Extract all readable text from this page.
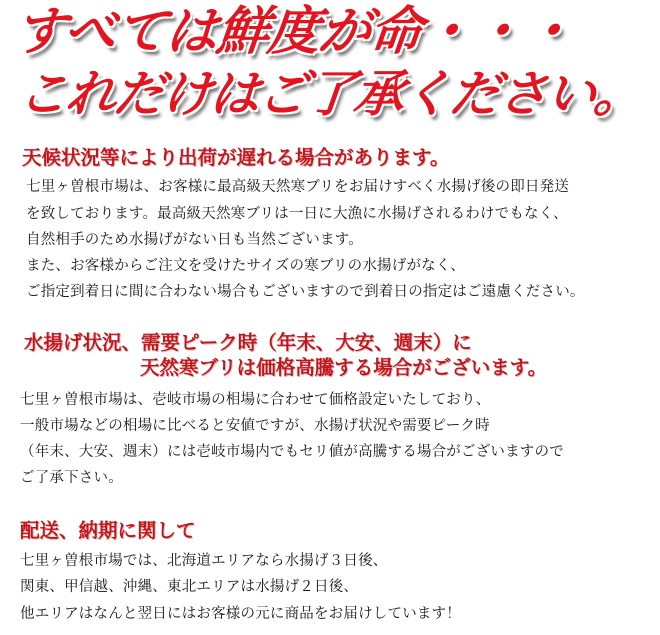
すべては鮮度が命・・・
これだけはご了承ください。
天候状況等により出荷が遅れる場合があります。

七里ヶ曽根市場は、お客様に最高級天然寒ブリをお届けすべく水揚げ後の即日発送

を致しております。最高級天然寒ブリは一日に大漁に水揚げされるわけでもなく、

自然相手のため水揚げがない日も当然ございます。

また、お客様からご注文を受けたサイズの寒ブリの水揚げがなく、

ご指定到着日に間に合わない場合もございますので到着日の指定はご遠慮ください。

水揚げ状況、需要ピーク時（年末、大安、週末）に
天然寒ブリは価格高騰する場合がございます。

七里ヶ曽根市場は、壱岐市場の相場に合わせて価格設定いたしており、

一般市場などの相場に比べると安値ですが、水揚げ状況や需要ピーク時

（年末、大安、週末）には壱岐市場内でもセリ値が高騰する場合がございますので

ご了承下さい。

配送、納期に関して

七里ヶ曽根市場では、北海道エリアなら水揚げ３日後、

関東、甲信越、沖縄、東北エリアは水揚げ２日後、

他エリアはなんと翌日にはお客様の元に商品をお届けしています！
